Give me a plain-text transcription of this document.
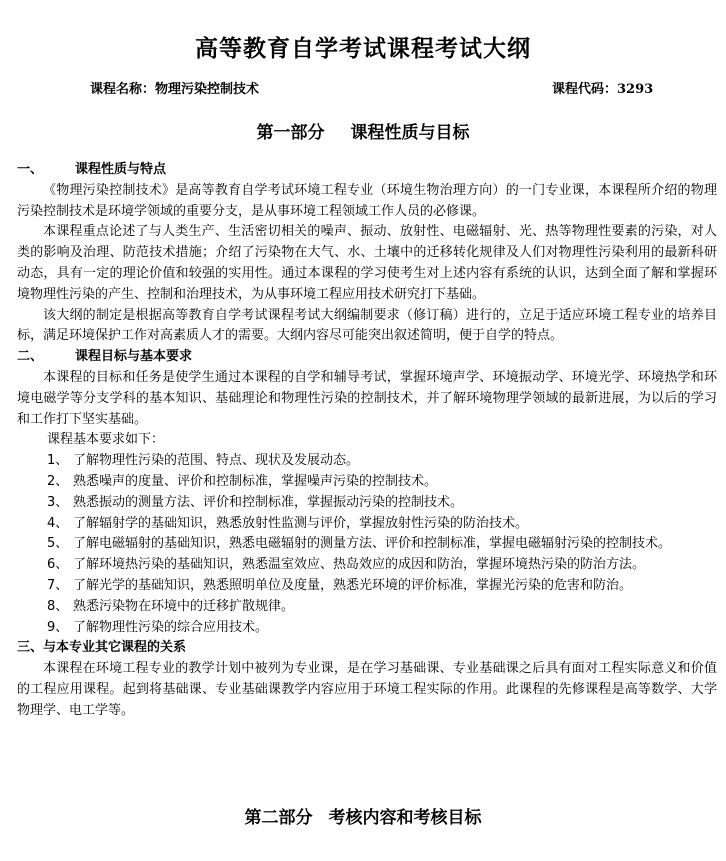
高等教育自学考试课程考试大纲
课程名称：物理污染控制技术	课程代码：3293
第一部分 课程性质与目标
一、 课程性质与特点

《物理污染控制技术》是高等教育自学考试环境工程专业（环境生物治理方向）的一门专业课，本课程所介绍的物理污染控制技术是环境学领域的重要分支，是从事环境工程领域工作人员的必修课。

本课程重点论述了与人类生产、生活密切相关的噪声、振动、放射性、电磁辐射、光、热等物理性要素的污染，对人类的影响及治理、防范技术措施；介绍了污染物在大气、水、土壤中的迁移转化规律及人们对物理性污染利用的最新科研动态，具有一定的理论价值和较强的实用性。通过本课程的学习使考生对上述内容有系统的认识，达到全面了解和掌握环境物理性污染的产生、控制和治理技术，为从事环境工程应用技术研究打下基础。

该大纲的制定是根据高等教育自学考试课程考试大纲编制要求（修订稿）进行的，立足于适应环境工程专业的培养目标，满足环境保护工作对高素质人才的需要。大纲内容尽可能突出叙述简明，便于自学的特点。

二、 课程目标与基本要求

本课程的目标和任务是使学生通过本课程的自学和辅导考试，掌握环境声学、环境振动学、环境光学、环境热学和环境电磁学等分支学科的基本知识、基础理论和物理性污染的控制技术，并了解环境物理学领域的最新进展，为以后的学习和工作打下坚实基础。

课程基本要求如下：
1、 了解物理性污染的范围、特点、现状及发展动态。
2、 熟悉噪声的度量、评价和控制标准，掌握噪声污染的控制技术。
3、 熟悉振动的测量方法、评价和控制标准，掌握振动污染的控制技术。
4、 了解辐射学的基础知识，熟悉放射性监测与评价，掌握放射性污染的防治技术。
5、 了解电磁辐射的基础知识，熟悉电磁辐射的测量方法、评价和控制标准，掌握电磁辐射污染的控制技术。
6、 了解环境热污染的基础知识，熟悉温室效应、热岛效应的成因和防治，掌握环境热污染的防治方法。
7、 了解光学的基础知识，熟悉照明单位及度量，熟悉光环境的评价标准，掌握光污染的危害和防治。
8、 熟悉污染物在环境中的迁移扩散规律。
9、 了解物理性污染的综合应用技术。
三、与本专业其它课程的关系

本课程在环境工程专业的教学计划中被列为专业课，是在学习基础课、专业基础课之后具有面对工程实际意义和价值的工程应用课程。起到将基础课、专业基础课教学内容应用于环境工程实际的作用。此课程的先修课程是高等数学、大学物理学、电工学等。

第二部分 考核内容和考核目标
